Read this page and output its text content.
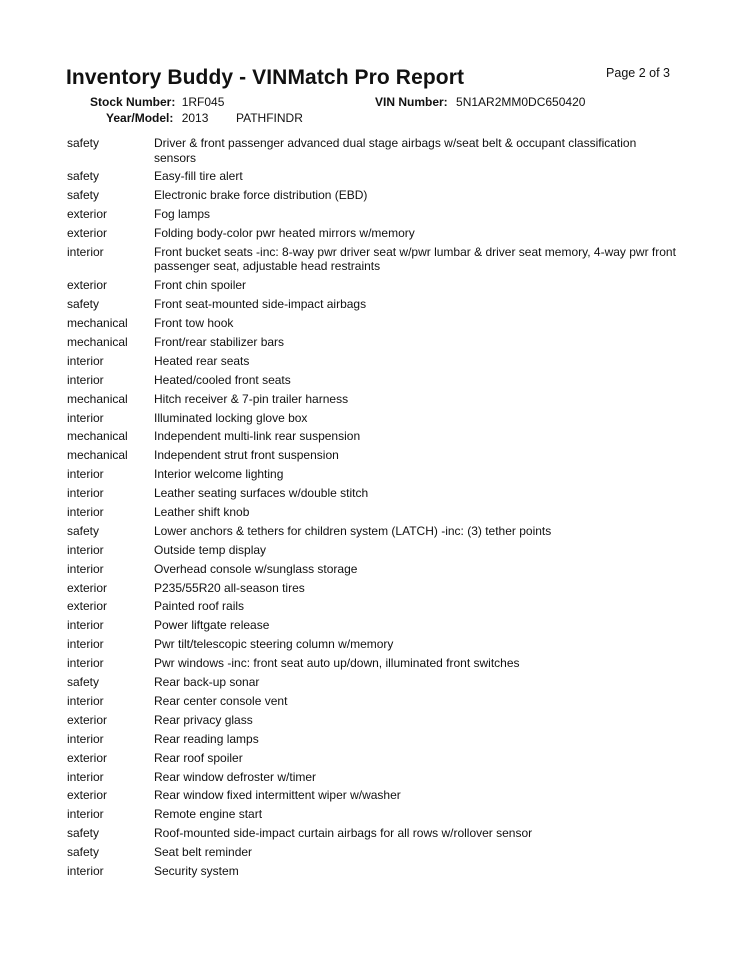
Inventory Buddy - VINMatch Pro Report	Page 2 of 3
Stock Number: 1RF045	VIN Number: 5N1AR2MM0DC650420
Year/Model: 2013 PATHFINDR
safety	Driver & front passenger advanced dual stage airbags w/seat belt & occupant classification sensors
safety	Easy-fill tire alert
safety	Electronic brake force distribution (EBD)
exterior	Fog lamps
exterior	Folding body-color pwr heated mirrors w/memory
interior	Front bucket seats -inc: 8-way pwr driver seat w/pwr lumbar & driver seat memory, 4-way pwr front passenger seat, adjustable head restraints
exterior	Front chin spoiler
safety	Front seat-mounted side-impact airbags
mechanical	Front tow hook
mechanical	Front/rear stabilizer bars
interior	Heated rear seats
interior	Heated/cooled front seats
mechanical	Hitch receiver & 7-pin trailer harness
interior	Illuminated locking glove box
mechanical	Independent multi-link rear suspension
mechanical	Independent strut front suspension
interior	Interior welcome lighting
interior	Leather seating surfaces w/double stitch
interior	Leather shift knob
safety	Lower anchors & tethers for children system (LATCH) -inc: (3) tether points
interior	Outside temp display
interior	Overhead console w/sunglass storage
exterior	P235/55R20 all-season tires
exterior	Painted roof rails
interior	Power liftgate release
interior	Pwr tilt/telescopic steering column w/memory
interior	Pwr windows -inc: front seat auto up/down, illuminated front switches
safety	Rear back-up sonar
interior	Rear center console vent
exterior	Rear privacy glass
interior	Rear reading lamps
exterior	Rear roof spoiler
interior	Rear window defroster w/timer
exterior	Rear window fixed intermittent wiper w/washer
interior	Remote engine start
safety	Roof-mounted side-impact curtain airbags for all rows w/rollover sensor
safety	Seat belt reminder
interior	Security system
